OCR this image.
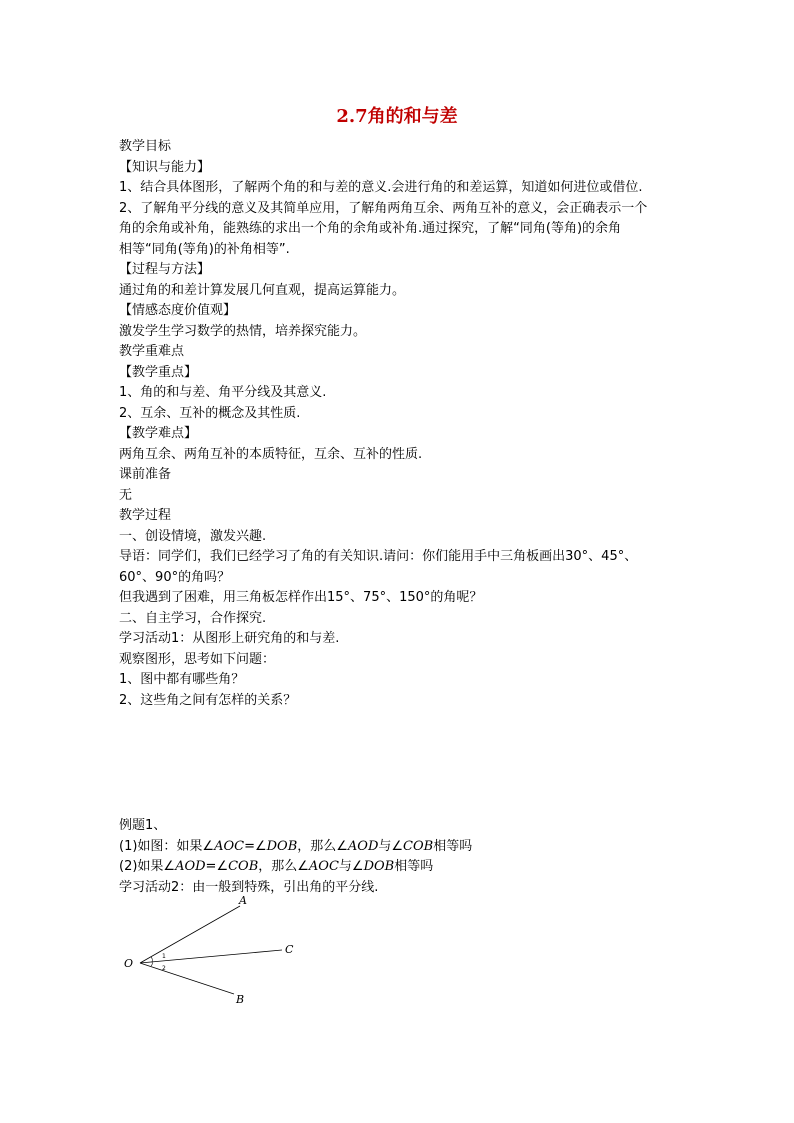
2.7角的和与差
教学目标
【知识与能力】
1、结合具体图形，了解两个角的和与差的意义.会进行角的和差运算，知道如何进位或借位.
2、了解角平分线的意义及其简单应用，了解角两角互余、两角互补的意义，会正确表示一个
角的余角或补角，能熟练的求出一个角的余角或补角.通过探究，了解“同角(等角)的余角
相等“同角(等角)的补角相等”.
【过程与方法】
通过角的和差计算发展几何直观，提高运算能力。
【情感态度价值观】
激发学生学习数学的热情，培养探究能力。
教学重难点
【教学重点】
1、角的和与差、角平分线及其意义.
2、互余、互补的概念及其性质.
【教学难点】
两角互余、两角互补的本质特征，互余、互补的性质.
课前准备
无
教学过程
一、创设情境，激发兴趣.
导语：同学们，我们已经学习了角的有关知识.请问：你们能用手中三角板画出30°、45°、
60°、90°的角吗？
但我遇到了困难，用三角板怎样作出15°、75°、150°的角呢？
二、自主学习，合作探究.
学习活动1：从图形上研究角的和与差.
观察图形，思考如下问题：
1、图中都有哪些角？
2、这些角之间有怎样的关系？
例题1、
(1)如图：如果∠AOC=∠DOB，那么∠AOD与∠COB相等吗
(2)如果∠AOD=∠COB，那么∠AOC与∠DOB相等吗
学习活动2：由一般到特殊，引出角的平分线.
A
C
B
O
1
2
